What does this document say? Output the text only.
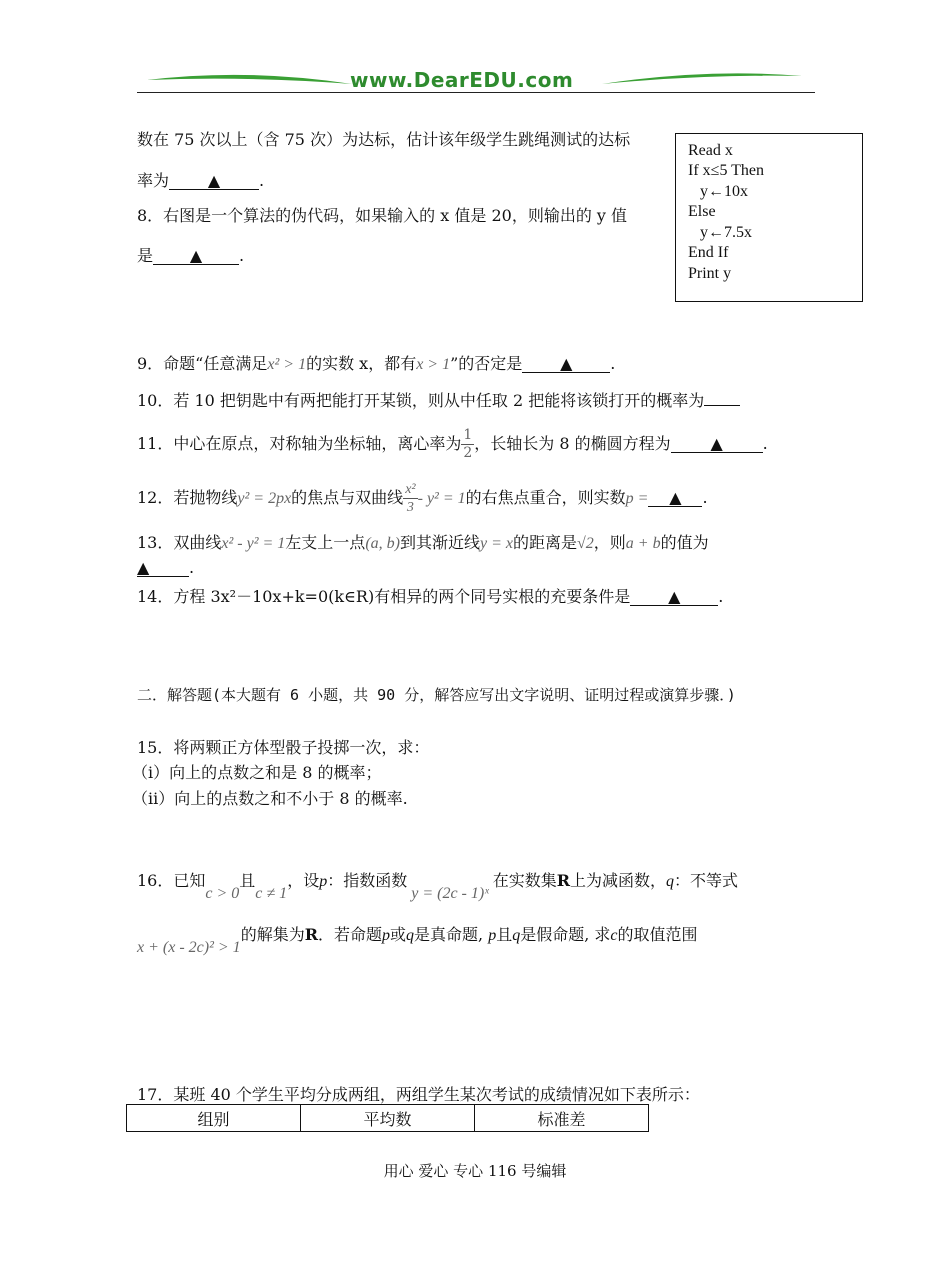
www.DearEDU.com
数在 75 次以上（含 75 次）为达标，估计该年级学生跳绳测试的达标
率为 ▲ .
8．右图是一个算法的伪代码，如果输入的 x 值是 20，则输出的 y 值
是 ▲ .
Read x
If x≤5 Then
y←10x
Else
y←7.5x
End If
Print y
9．命题“任意满足x² > 1的实数 x，都有x > 1”的否定是 ▲ .
10．若 10 把钥匙中有两把能打开某锁，则从中任取 2 把能将该锁打开的概率为
11．中心在原点，对称轴为坐标轴，离心率为 $\frac{1}{2}$ ，长轴长为 8 的椭圆方程为 ▲ .
12．若抛物线y² = 2px的焦点与双曲线 $\frac{\text{x²}}{3} - y^2 = 1$的右焦点重合，则实数p = ▲ .
13．双曲线x² - y² = 1左支上一点(a, b)到其渐近线y = x的距离是√2，则a + b的值为
▲ .
14．方程 3x²－10x+k=0(k∈R)有相异的两个同号实根的充要条件是 ▲ .
二．解答题(本大题有 6 小题，共 90 分，解答应写出文字说明、证明过程或演算步骤．)
15．将两颗正方体型骰子投掷一次，求：
（ⅰ）向上的点数之和是 8 的概率；
（ⅱ）向上的点数之和不小于 8 的概率.
16．已知c > 0且c ≠ 1，设p：指数函数y = (2c - 1)ˣ在实数集R上为减函数，q：不等式
x + (x - 2c)² > 1的解集为R．若命题p或q是真命题, p且q是假命题, 求c的取值范围
17．某班 40 个学生平均分成两组，两组学生某次考试的成绩情况如下表所示：
组别	平均数	标准差
用心 爱心 专心 116 号编辑
